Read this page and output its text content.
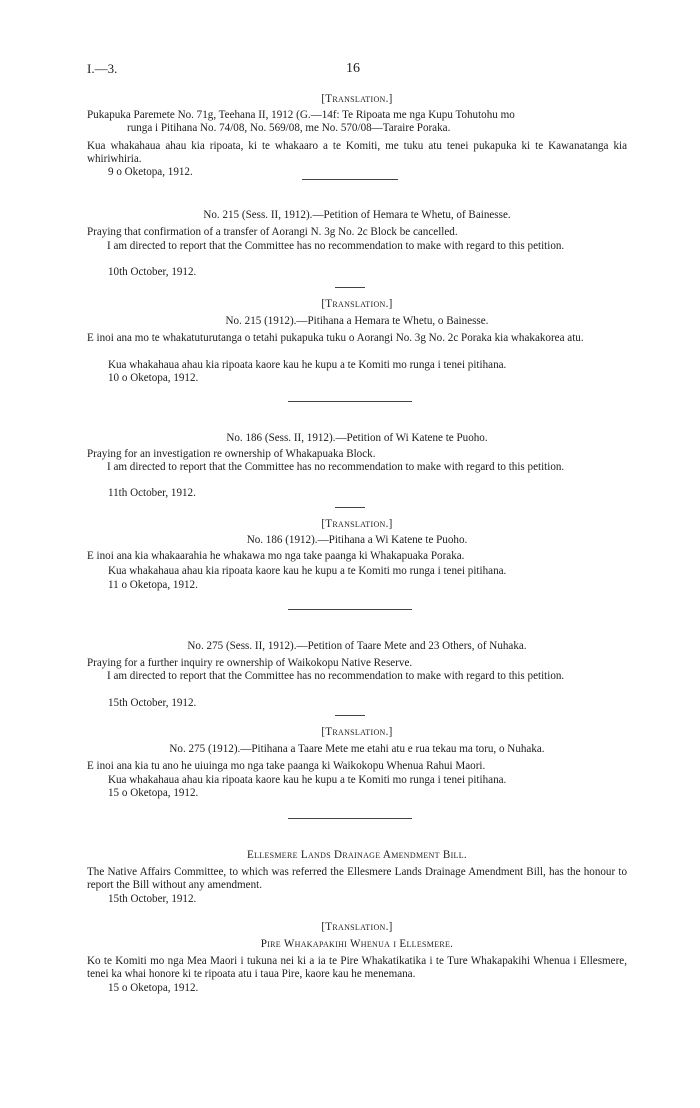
I.—3.	16
[Translation.]
Pukapuka Paremete No. 71g, Teehana II, 1912 (G.—14f: Te Ripoata me nga Kupu Tohutohu mo
runga i Pitihana No. 74/08, No. 569/08, me No. 570/08—Taraire Poraka.
Kua whakahaua ahau kia ripoata, ki te whakaaro a te Komiti, me tuku atu tenei pukapuka ki te Kawanatanga kia whiriwhiria.
9 o Oketopa, 1912.
No. 215 (Sess. II, 1912).—Petition of Hemara te Whetu, of Bainesse.
Praying that confirmation of a transfer of Aorangi N. 3g No. 2c Block be cancelled.
I am directed to report that the Committee has no recommendation to make with regard to this petition.
10th October, 1912.
[Translation.]
No. 215 (1912).—Pitihana a Hemara te Whetu, o Bainesse.
E inoi ana mo te whakatuturutanga o tetahi pukapuka tuku o Aorangi No. 3g No. 2c Poraka kia whakakorea atu.
Kua whakahaua ahau kia ripoata kaore kau he kupu a te Komiti mo runga i tenei pitihana.
10 o Oketopa, 1912.
No. 186 (Sess. II, 1912).—Petition of Wi Katene te Puoho.
Praying for an investigation re ownership of Whakapuaka Block.
I am directed to report that the Committee has no recommendation to make with regard to this petition.
11th October, 1912.
[Translation.]
No. 186 (1912).—Pitihana a Wi Katene te Puoho.
E inoi ana kia whakaarahia he whakawa mo nga take paanga ki Whakapuaka Poraka.
Kua whakahaua ahau kia ripoata kaore kau he kupu a te Komiti mo runga i tenei pitihana.
11 o Oketopa, 1912.
No. 275 (Sess. II, 1912).—Petition of Taare Mete and 23 Others, of Nuhaka.
Praying for a further inquiry re ownership of Waikokopu Native Reserve.
I am directed to report that the Committee has no recommendation to make with regard to this petition.
15th October, 1912.
[Translation.]
No. 275 (1912).—Pitihana a Taare Mete me etahi atu e rua tekau ma toru, o Nuhaka.
E inoi ana kia tu ano he uiuinga mo nga take paanga ki Waikokopu Whenua Rahui Maori.
Kua whakahaua ahau kia ripoata kaore kau he kupu a te Komiti mo runga i tenei pitihana.
15 o Oketopa, 1912.
Ellesmere Lands Drainage Amendment Bill.
The Native Affairs Committee, to which was referred the Ellesmere Lands Drainage Amendment Bill, has the honour to report the Bill without any amendment.
15th October, 1912.
[Translation.]
Pire Whakapakihi Whenua i Ellesmere.
Ko te Komiti mo nga Mea Maori i tukuna nei ki a ia te Pire Whakatikatika i te Ture Whakapakihi Whenua i Ellesmere, tenei ka whai honore ki te ripoata atu i taua Pire, kaore kau he menemana.
15 o Oketopa, 1912.
